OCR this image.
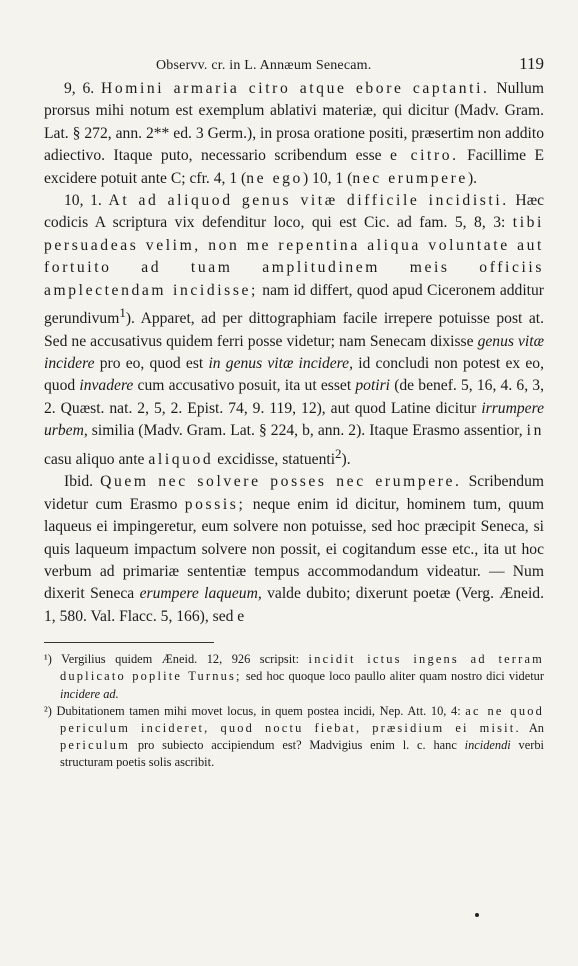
Observv. cr. in L. Annæum Senecam.	119

9, 6. Homini armaria citro atque ebore captanti. Nullum prorsus mihi notum est exemplum ablativi materiæ, qui dicitur (Madv. Gram. Lat. § 272, ann. 2** ed. 3 Germ.), in prosa oratione positi, præsertim non addito adiectivo. Itaque puto, necessario scribendum esse e citro. Facillime E excidere potuit ante C; cfr. 4, 1 (ne ego) 10, 1 (nec erumpere).

10, 1. At ad aliquod genus vitæ difficile incidisti. Hæc codicis A scriptura vix defenditur loco, qui est Cic. ad fam. 5, 8, 3: tibi persuadeas velim, non me repentina aliqua voluntate aut fortuito ad tuam amplitudinem meis officiis amplectendam incidisse; nam id differt, quod apud Ciceronem additur gerundivum$^1$). Apparet, ad per dittographiam facile irrepere potuisse post at. Sed ne accusativus quidem ferri posse videtur; nam Senecam dixisse genus vitæ incidere pro eo, quod est in genus vitæ incidere, id concludi non potest ex eo, quod invadere cum accusativo posuit, ita ut esset potiri (de benef. 5, 16, 4. 6, 3, 2. Quæst. nat. 2, 5, 2. Epist. 74, 9. 119, 12), aut quod Latine dicitur irrumpere urbem, similia (Madv. Gram. Lat. § 224, b, ann. 2). Itaque Erasmo assentior, in casu aliquo ante aliquod excidisse, statuenti$^2$).

Ibid. Quem nec solvere posses nec erumpere. Scribendum videtur cum Erasmo possis; neque enim id dicitur, hominem tum, quum laqueus ei impingeretur, eum solvere non potuisse, sed hoc præcipit Seneca, si quis laqueum impactum solvere non possit, ei cogitandum esse etc., ita ut hoc verbum ad primariæ sententiæ tempus accommodandum videatur. — Num dixerit Seneca erumpere laqueum, valde dubito; dixerunt poetæ (Verg. Æneid. 1, 580. Val. Flacc. 5, 166), sed e

¹) Vergilius quidem Æneid. 12, 926 scripsit: incidit ictus ingens ad terram duplicato poplite Turnus; sed hoc quoque loco paullo aliter quam nostro dici videtur incidere ad.

²) Dubitationem tamen mihi movet locus, in quem postea incidi, Nep. Att. 10, 4: ac ne quod periculum incideret, quod noctu fiebat, præsidium ei misit. An periculum pro subiecto accipiendum est? Madvigius enim l. c. hanc incidendi verbi structuram poetis solis ascribit.
